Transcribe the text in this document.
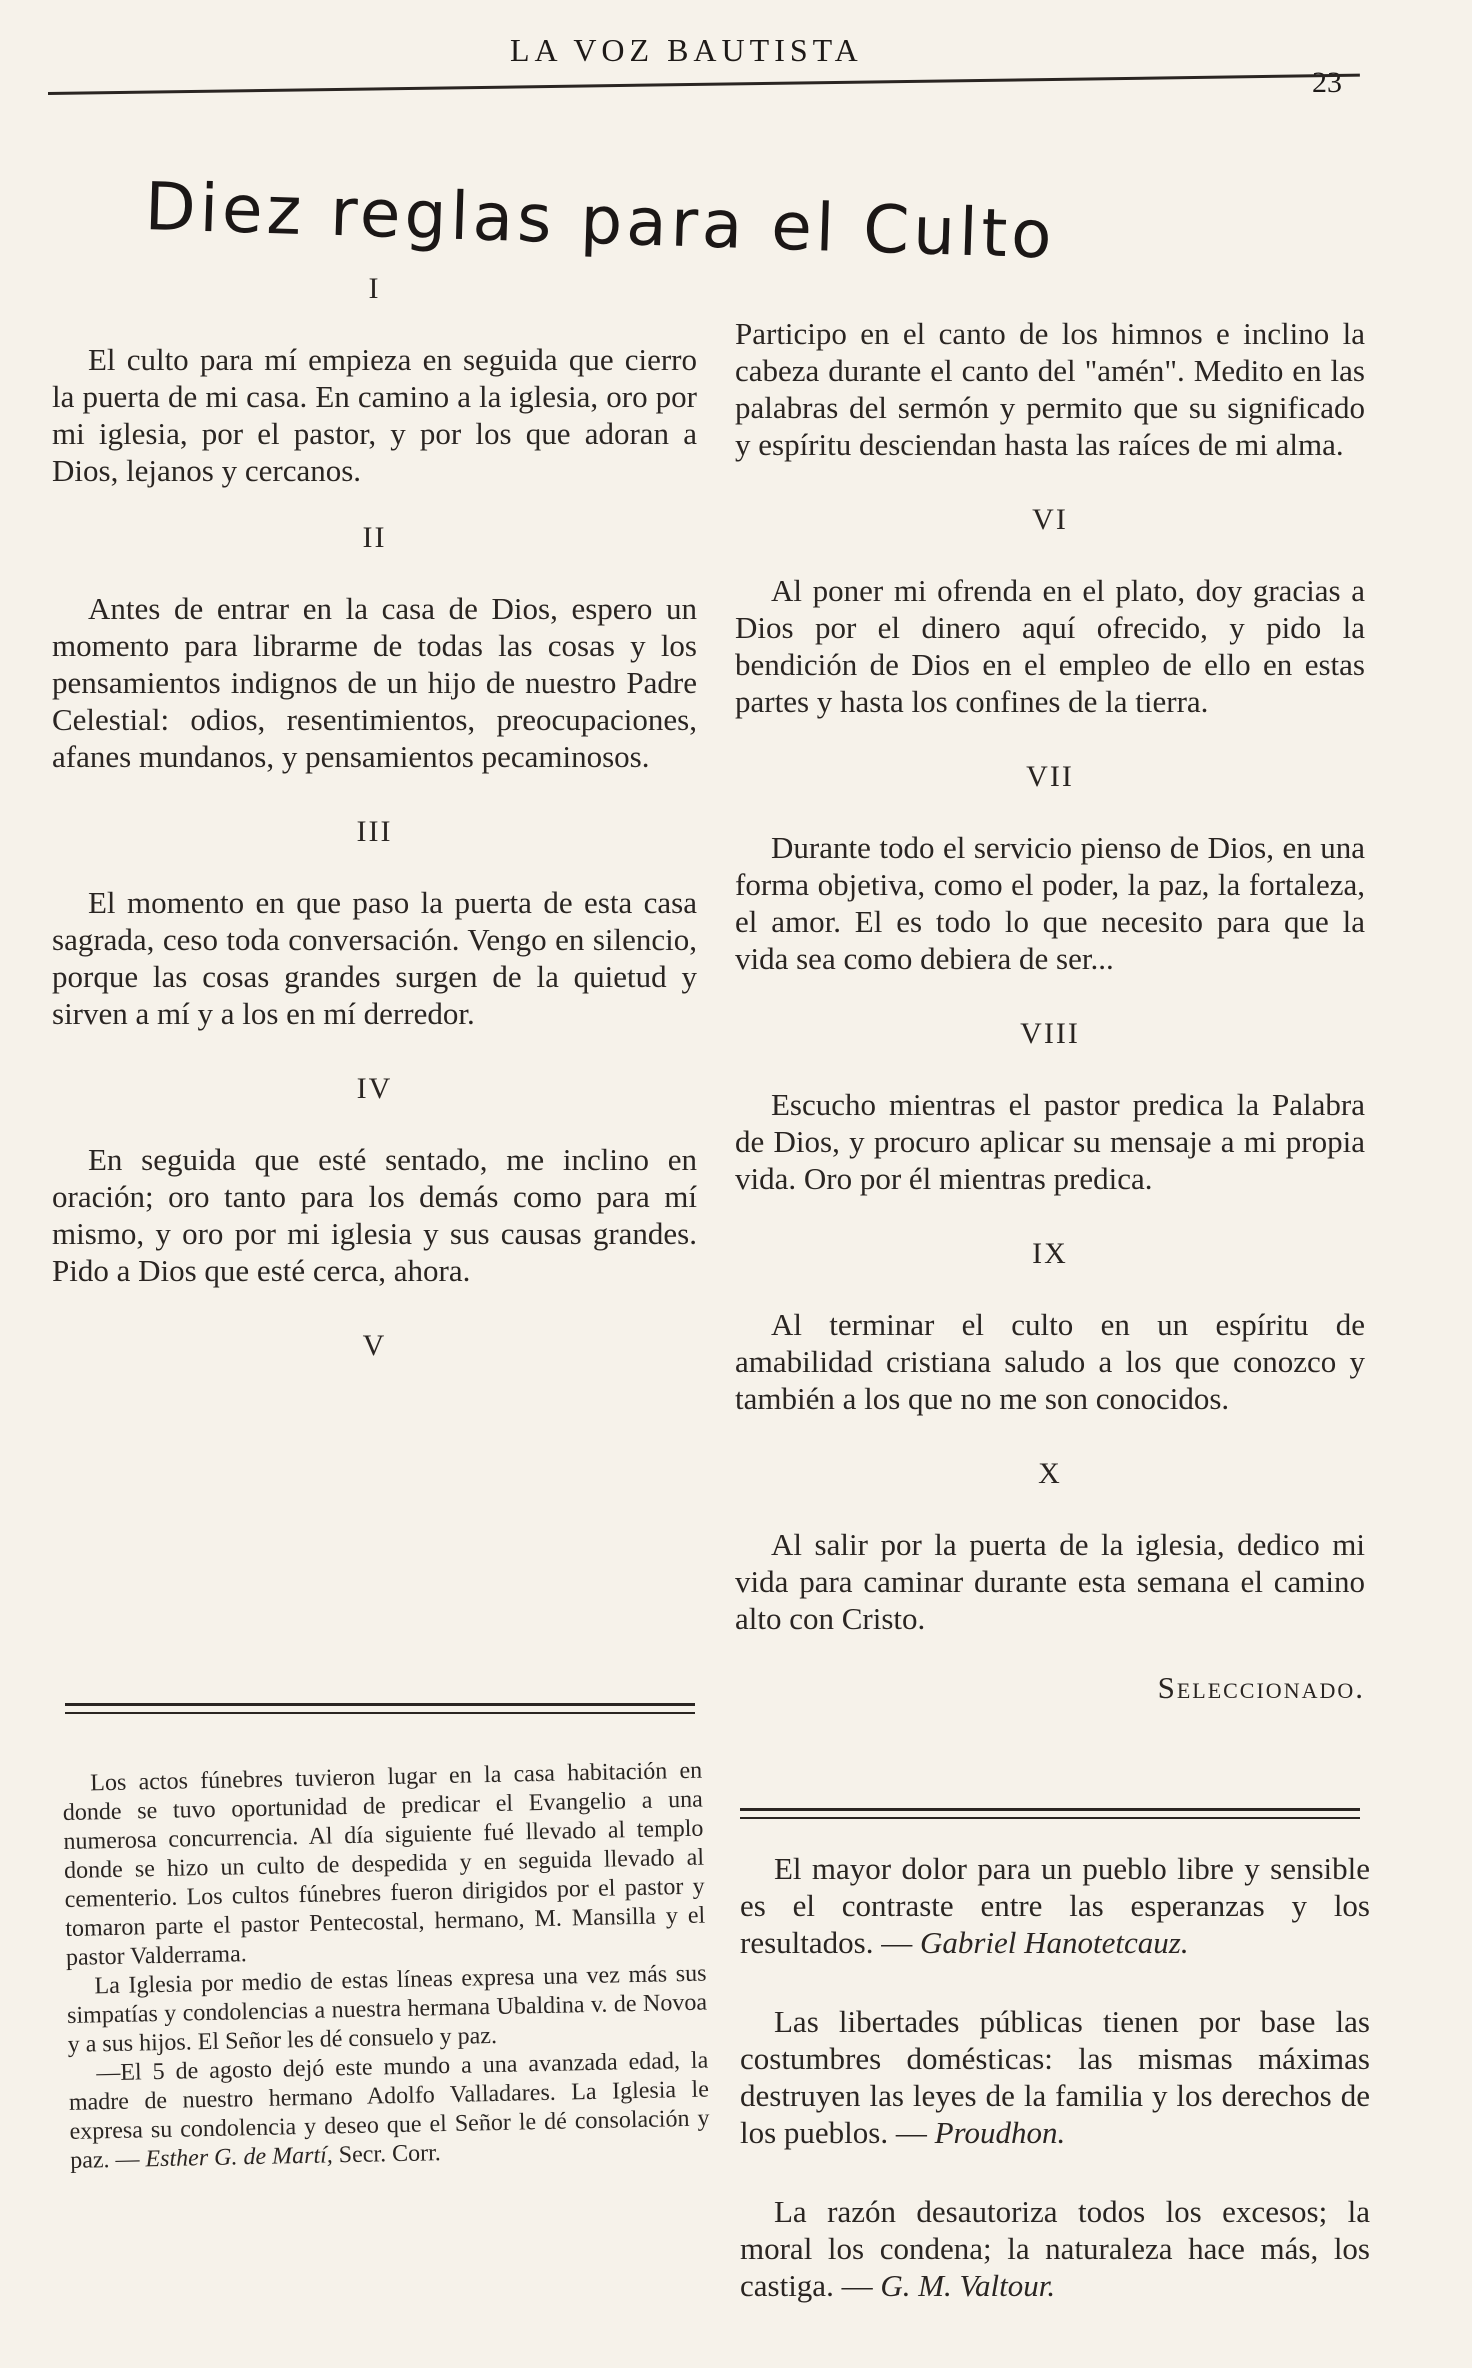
LA VOZ BAUTISTA
23
Diez reglas para el Culto
I

El culto para mí empieza en seguida que cierro la puerta de mi casa. En camino a la iglesia, oro por mi iglesia, por el pastor, y por los que adoran a Dios, lejanos y cercanos.

II

Antes de entrar en la casa de Dios, espero un momento para librarme de todas las cosas y los pensamientos indignos de un hijo de nuestro Padre Celestial: odios, resentimientos, preocupaciones, afanes mundanos, y pensamientos pecaminosos.

III

El momento en que paso la puerta de esta casa sagrada, ceso toda conversación. Vengo en silencio, porque las cosas grandes surgen de la quietud y sirven a mí y a los en mí derredor.

IV

En seguida que esté sentado, me inclino en oración; oro tanto para los demás como para mí mismo, y oro por mi iglesia y sus causas grandes. Pido a Dios que esté cerca, ahora.

V

Participo en el canto de los himnos e inclino la cabeza durante el canto del "amén". Medito en las palabras del sermón y permito que su significado y espíritu desciendan hasta las raíces de mi alma.

VI

Al poner mi ofrenda en el plato, doy gracias a Dios por el dinero aquí ofrecido, y pido la bendición de Dios en el empleo de ello en estas partes y hasta los confines de la tierra.

VII

Durante todo el servicio pienso de Dios, en una forma objetiva, como el poder, la paz, la fortaleza, el amor. El es todo lo que necesito para que la vida sea como debiera de ser...

VIII

Escucho mientras el pastor predica la Palabra de Dios, y procuro aplicar su mensaje a mi propia vida. Oro por él mientras predica.

IX

Al terminar el culto en un espíritu de amabilidad cristiana saludo a los que conozco y también a los que no me son conocidos.

X

Al salir por la puerta de la iglesia, dedico mi vida para caminar durante esta semana el camino alto con Cristo.

Seleccionado.

Los actos fúnebres tuvieron lugar en la casa habitación en donde se tuvo oportunidad de predicar el Evangelio a una numerosa concurrencia. Al día siguiente fué llevado al templo donde se hizo un culto de despedida y en seguida llevado al cementerio. Los cultos fúnebres fueron dirigidos por el pastor y tomaron parte el pastor Pentecostal, hermano, M. Mansilla y el pastor Valderrama.

La Iglesia por medio de estas líneas expresa una vez más sus simpatías y condolencias a nuestra hermana Ubaldina v. de Novoa y a sus hijos. El Señor les dé consuelo y paz.

—El 5 de agosto dejó este mundo a una avanzada edad, la madre de nuestro hermano Adolfo Valladares. La Iglesia le expresa su condolencia y deseo que el Señor le dé consolación y paz. — Esther G. de Martí, Secr. Corr.

El mayor dolor para un pueblo libre y sensible es el contraste entre las esperanzas y los resultados. — Gabriel Hanotetcauz.

Las libertades públicas tienen por base las costumbres domésticas: las mismas máximas destruyen las leyes de la familia y los derechos de los pueblos. — Proudhon.

La razón desautoriza todos los excesos; la moral los condena; la naturaleza hace más, los castiga. — G. M. Valtour.
